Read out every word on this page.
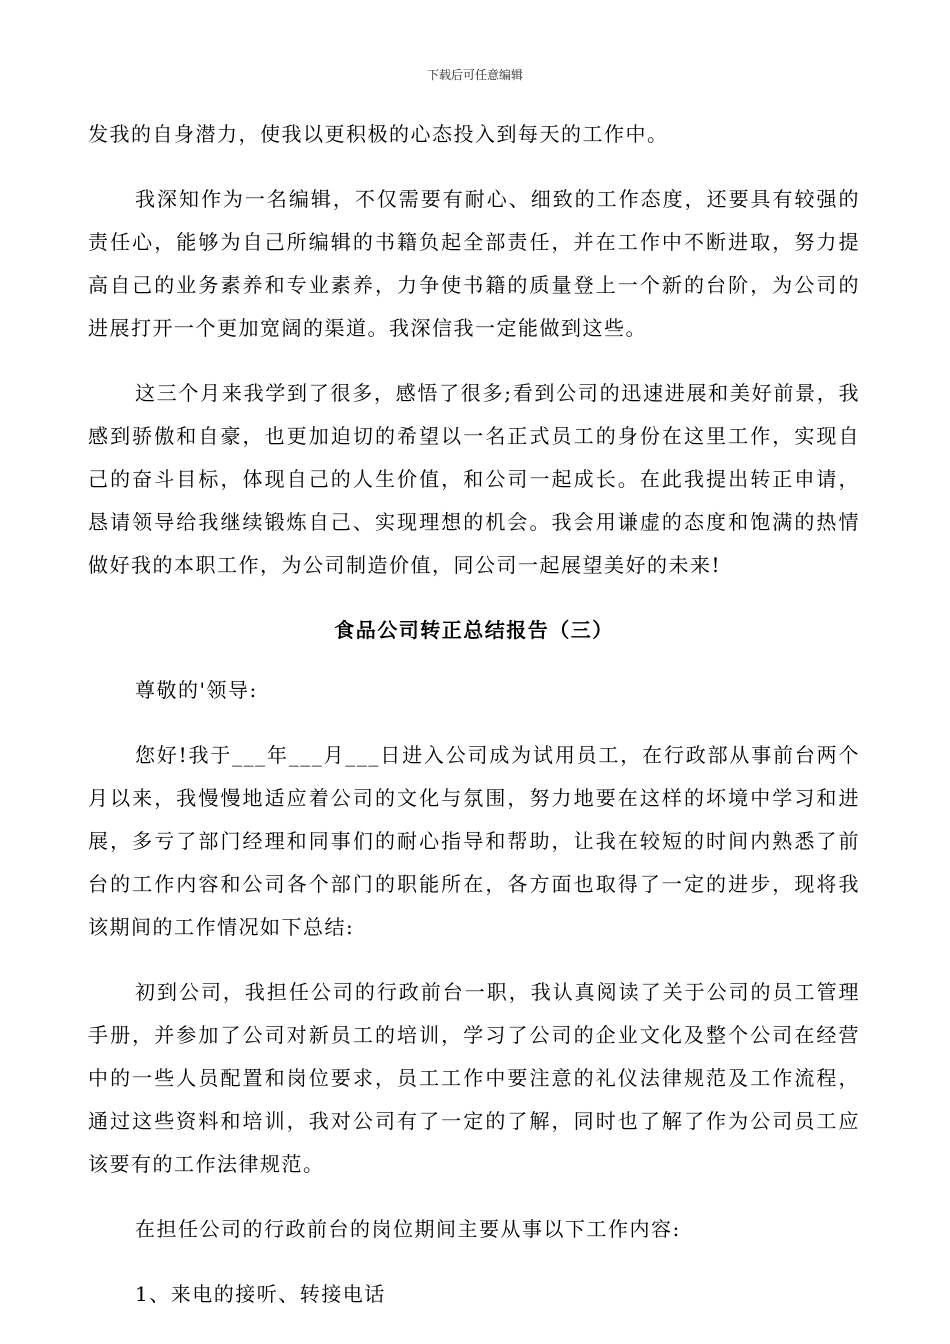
下载后可任意编辑

发我的自身潜力，使我以更积极的心态投入到每天的工作中。

我深知作为一名编辑，不仅需要有耐心、细致的工作态度，还要具有较强的责任心，能够为自己所编辑的书籍负起全部责任，并在工作中不断进取，努力提高自己的业务素养和专业素养，力争使书籍的质量登上一个新的台阶，为公司的进展打开一个更加宽阔的渠道。我深信我一定能做到这些。

这三个月来我学到了很多，感悟了很多;看到公司的迅速进展和美好前景，我感到骄傲和自豪，也更加迫切的希望以一名正式员工的身份在这里工作，实现自己的奋斗目标，体现自己的人生价值，和公司一起成长。在此我提出转正申请，恳请领导给我继续锻炼自己、实现理想的机会。我会用谦虚的态度和饱满的热情做好我的本职工作，为公司制造价值，同公司一起展望美好的未来!

食品公司转正总结报告（三）

尊敬的'领导:

您好!我于___年___月___日进入公司成为试用员工，在行政部从事前台两个月以来，我慢慢地适应着公司的文化与氛围，努力地要在这样的坏境中学习和进展，多亏了部门经理和同事们的耐心指导和帮助，让我在较短的时间内熟悉了前台的工作内容和公司各个部门的职能所在，各方面也取得了一定的进步，现将我该期间的工作情况如下总结:

初到公司，我担任公司的行政前台一职，我认真阅读了关于公司的员工管理手册，并参加了公司对新员工的培训，学习了公司的企业文化及整个公司在经营中的一些人员配置和岗位要求，员工工作中要注意的礼仪法律规范及工作流程，通过这些资料和培训，我对公司有了一定的了解，同时也了解了作为公司员工应该要有的工作法律规范。

在担任公司的行政前台的岗位期间主要从事以下工作内容:

1、来电的接听、转接电话
